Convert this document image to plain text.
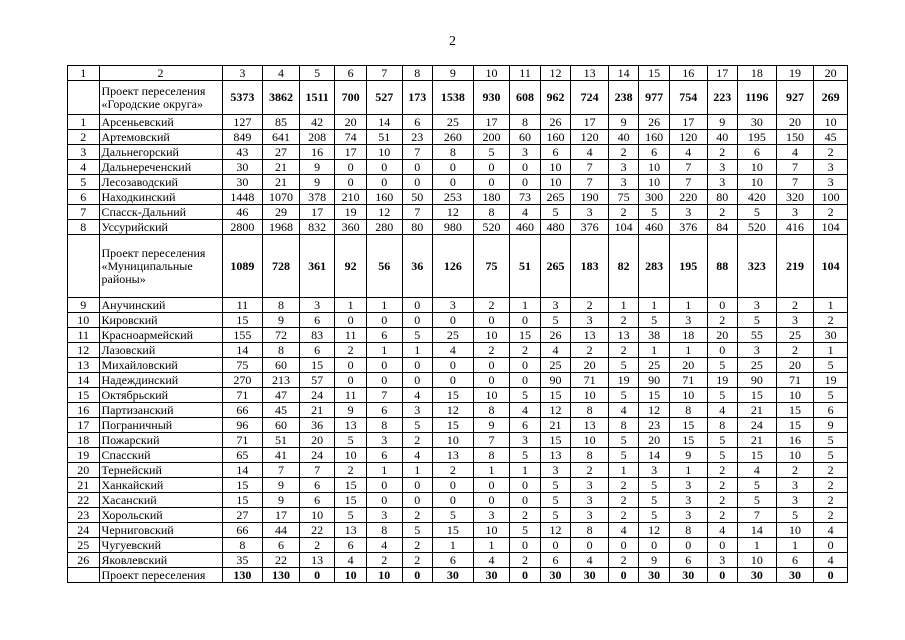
2
1	2	3	4	5	6	7	8	9	10	11	12	13	14	15	16	17	18	19	20
	Проект переселения «Городские округа»	5373	3862	1511	700	527	173	1538	930	608	962	724	238	977	754	223	1196	927	269
1	Арсеньевский	127	85	42	20	14	6	25	17	8	26	17	9	26	17	9	30	20	10
2	Артемовский	849	641	208	74	51	23	260	200	60	160	120	40	160	120	40	195	150	45
3	Дальнегорский	43	27	16	17	10	7	8	5	3	6	4	2	6	4	2	6	4	2
4	Дальнереченский	30	21	9	0	0	0	0	0	0	10	7	3	10	7	3	10	7	3
5	Лесозаводский	30	21	9	0	0	0	0	0	0	10	7	3	10	7	3	10	7	3
6	Находкинский	1448	1070	378	210	160	50	253	180	73	265	190	75	300	220	80	420	320	100
7	Спасск-Дальний	46	29	17	19	12	7	12	8	4	5	3	2	5	3	2	5	3	2
8	Уссурийский	2800	1968	832	360	280	80	980	520	460	480	376	104	460	376	84	520	416	104
	Проект переселения «Муниципальные районы»	1089	728	361	92	56	36	126	75	51	265	183	82	283	195	88	323	219	104
9	Анучинский	11	8	3	1	1	0	3	2	1	3	2	1	1	1	0	3	2	1
10	Кировский	15	9	6	0	0	0	0	0	0	5	3	2	5	3	2	5	3	2
11	Красноармейский	155	72	83	11	6	5	25	10	15	26	13	13	38	18	20	55	25	30
12	Лазовский	14	8	6	2	1	1	4	2	2	4	2	2	1	1	0	3	2	1
13	Михайловский	75	60	15	0	0	0	0	0	0	25	20	5	25	20	5	25	20	5
14	Надеждинский	270	213	57	0	0	0	0	0	0	90	71	19	90	71	19	90	71	19
15	Октябрьский	71	47	24	11	7	4	15	10	5	15	10	5	15	10	5	15	10	5
16	Партизанский	66	45	21	9	6	3	12	8	4	12	8	4	12	8	4	21	15	6
17	Пограничный	96	60	36	13	8	5	15	9	6	21	13	8	23	15	8	24	15	9
18	Пожарский	71	51	20	5	3	2	10	7	3	15	10	5	20	15	5	21	16	5
19	Спасский	65	41	24	10	6	4	13	8	5	13	8	5	14	9	5	15	10	5
20	Тернейский	14	7	7	2	1	1	2	1	1	3	2	1	3	1	2	4	2	2
21	Ханкайский	15	9	6	15	0	0	0	0	0	5	3	2	5	3	2	5	3	2
22	Хасанский	15	9	6	15	0	0	0	0	0	5	3	2	5	3	2	5	3	2
23	Хорольский	27	17	10	5	3	2	5	3	2	5	3	2	5	3	2	7	5	2
24	Черниговский	66	44	22	13	8	5	15	10	5	12	8	4	12	8	4	14	10	4
25	Чугуевский	8	6	2	6	4	2	1	1	0	0	0	0	0	0	0	1	1	0
26	Яковлевский	35	22	13	4	2	2	6	4	2	6	4	2	9	6	3	10	6	4
	Проект переселения	130	130	0	10	10	0	30	30	0	30	30	0	30	30	0	30	30	0
